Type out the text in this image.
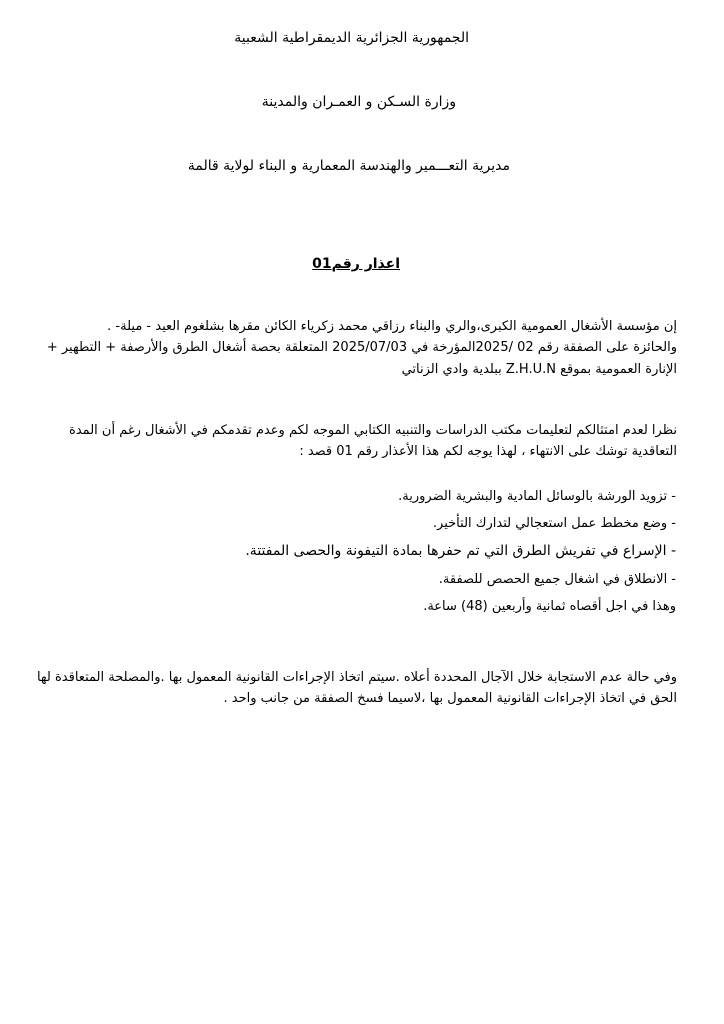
الجمهورية الجزائرية الديمقراطية الشعبية

وزارة السـكن و العمـران والمدينة

مديرية التعـــمير والهندسة المعمارية و البناء لولاية قالمة

اعذار رقم01

إن مؤسسة الأشغال العمومية الكبرى،والري والبناء رزاقي محمد زكرياء الكائن مقرها بشلغوم العيد - ميلة- .
والحائزة على الصفقة رقم 02 /2025المؤرخة في 2025/07/03 المتعلقة بحصة أشغال الطرق والأرصفة + التطهير +
الإنارة العمومية بموقع Z.H.U.N ببلدية وادي الزناتي

نظرا لعدم امتثالكم لتعليمات مكتب الدراسات والتنبيه الكتابي الموجه لكم وعدم تقدمكم في الأشغال رغم أن المدة
التعاقدية توشك على الانتهاء ، لهذا يوجه لكم هذا الأعذار رقم 01 قصد :

- تزويد الورشة بالوسائل المادية والبشرية الضرورية.
- وضع مخطط عمل استعجالي لتدارك التأخير.
- الإسراع في تفريش الطرق التي تم حفرها بمادة التيفونة والحصى المفتتة.
- الانطلاق في اشغال جميع الحصص للصفقة.
وهذا في اجل أقصاه ثمانية وأربعين (48) ساعة.

وفي حالة عدم الاستجابة خلال الآجال المحددة أعلاه .سيتم اتخاذ الإجراءات القانونية المعمول بها .والمصلحة المتعاقدة لها
الحق في اتخاذ الإجراءات القانونية المعمول بها ،لاسيما فسخ الصفقة من جانب واحد .
